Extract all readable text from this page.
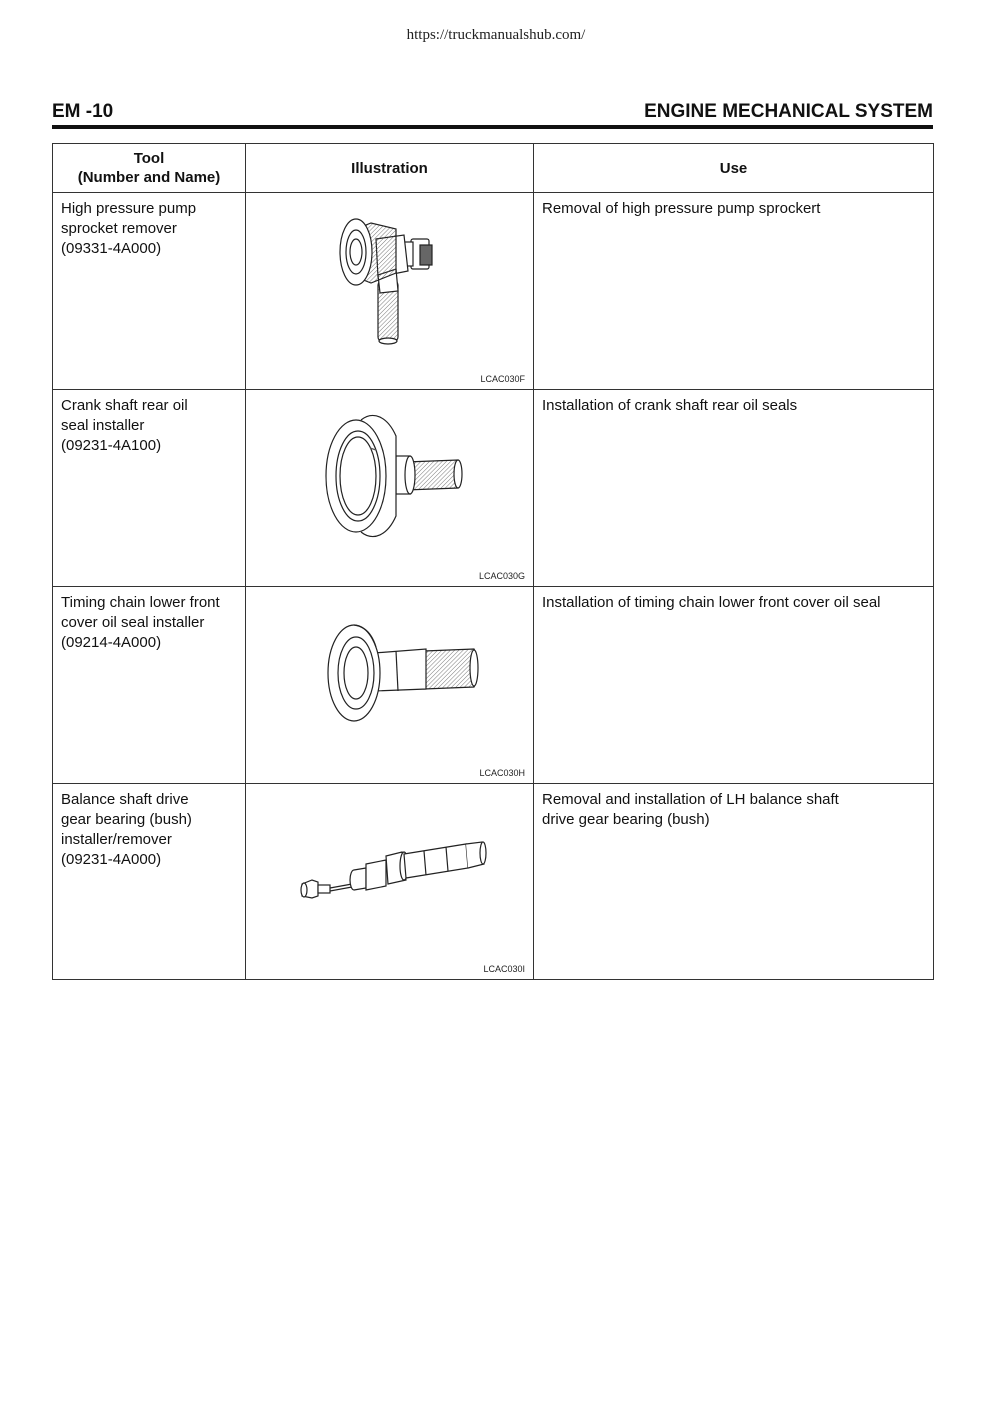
https://truckmanualshub.com/
EM -10	ENGINE MECHANICAL SYSTEM
Tool
(Number and Name)	Illustration	Use

High pressure pump
sprocket remover
(09331-4A000)	LCAC030F	Removal of high pressure pump sprockert

Crank shaft rear oil
seal installer
(09231-4A100)	LCAC030G	Installation of crank shaft rear oil seals

Timing chain lower front
cover oil seal installer
(09214-4A000)	LCAC030H	Installation of timing chain lower front cover oil seal

Balance shaft drive
gear bearing (bush)
installer/remover
(09231-4A000)	LCAC030I	Removal and installation of LH balance shaft
drive gear bearing (bush)
